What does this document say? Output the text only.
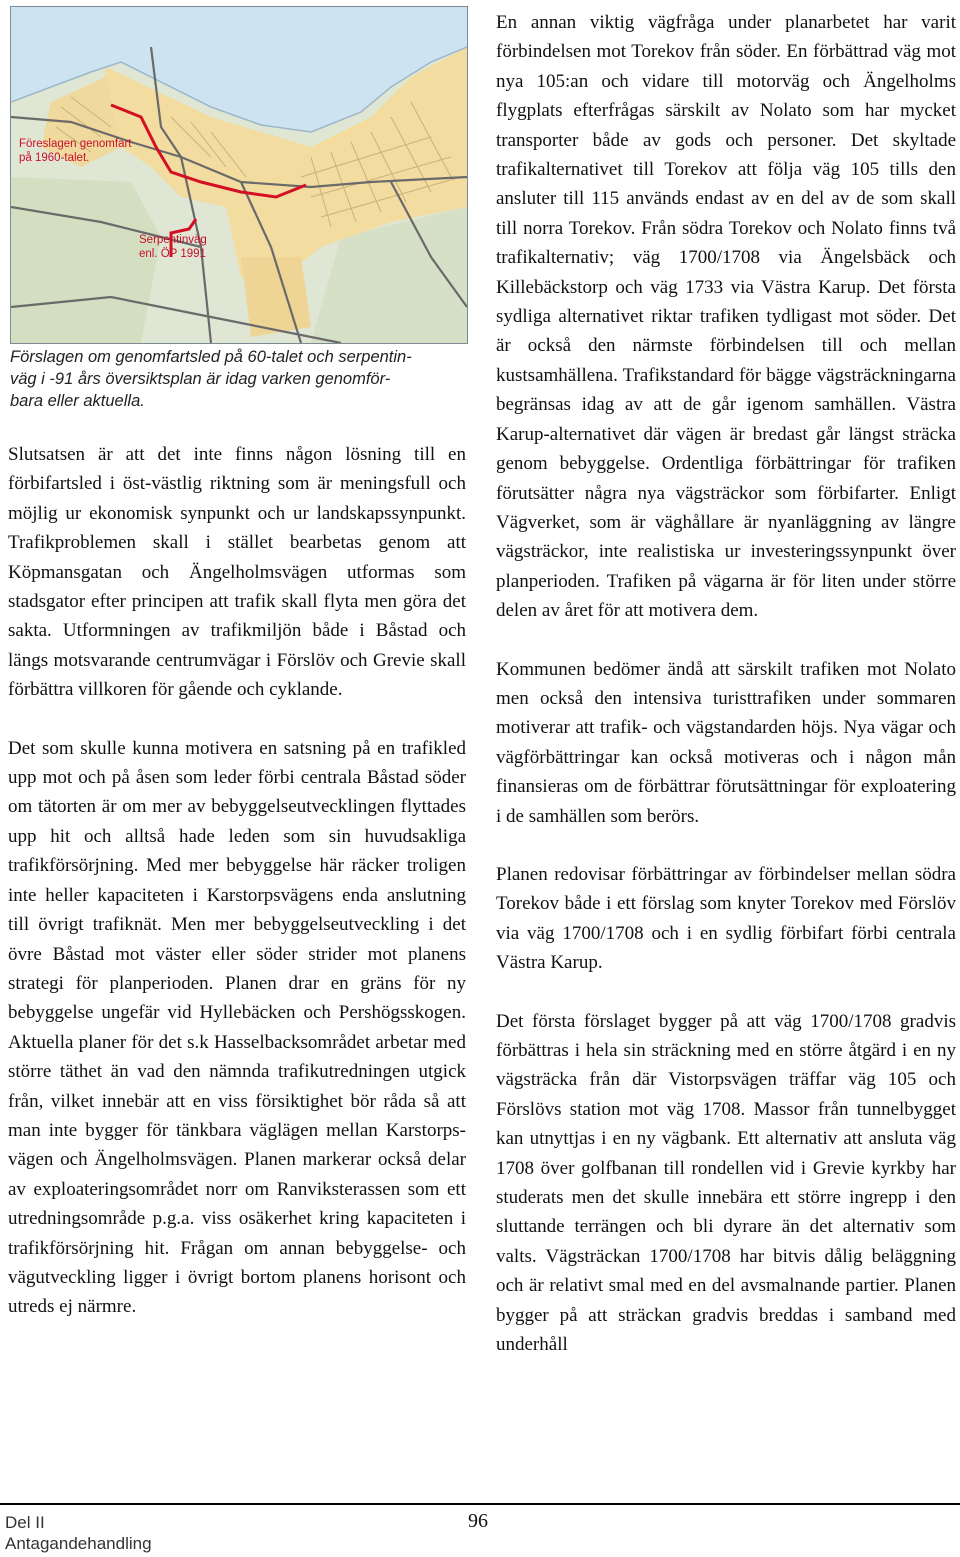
Föreslagen genomfart
på 1960-talet.
Serpentinväg
enl. ÖP 1991
Förslagen om genomfartsled på 60-talet och serpentin-
väg i -91 års översiktsplan är idag varken genomför-
bara eller aktuella.

Slutsatsen är att det inte finns någon lösning till en förbifartsled i öst-västlig riktning som är meningsfull och möjlig ur ekonomisk synpunkt och ur landskapssynpunkt. Trafikproblemen skall i stället bearbetas genom att Köpmansgatan och Ängelholmsvägen utformas som stadsgator efter principen att trafik skall flyta men göra det sakta. Utformningen av trafikmiljön både i Båstad och längs motsvarande centrumvägar i Förslöv och Grevie skall förbättra villkoren för gående och cyklande.

Det som skulle kunna motivera en satsning på en trafikled upp mot och på åsen som leder förbi centrala Båstad söder om tätorten är om mer av bebyggelseutvecklingen flyttades upp hit och alltså hade leden som sin huvudsakliga trafikförsörjning. Med mer bebyggelse här räcker troligen inte heller kapaciteten i Karstorpsvägens enda anslutning till övrigt trafiknät. Men mer bebyggelseutveckling i det övre Båstad mot väster eller söder strider mot planens strategi för planperioden. Planen drar en gräns för ny bebyggelse ungefär vid Hyllebäcken och Pershögsskogen. Aktuella planer för det s.k Hasselbacksområdet arbetar med större täthet än vad den nämnda trafikutredningen utgick från, vilket innebär att en viss försiktighet bör råda så att man inte bygger för tänkbara väglägen mellan Karstorpsvägen och Ängelholmsvägen. Planen markerar också delar av exploateringsområdet norr om Ranviksterassen som ett utredningsområde p.g.a. viss osäkerhet kring kapaciteten i trafikförsörjning hit. Frågan om annan bebyggelse- och vägutveckling ligger i övrigt bortom planens horisont och utreds ej närmre.

En annan viktig vägfråga under planarbetet har varit förbindelsen mot Torekov från söder. En förbättrad väg mot nya 105:an och vidare till motorväg och Ängelholms flygplats efterfrågas särskilt av Nolato som har mycket transporter både av gods och personer. Det skyltade trafikalternativet till Torekov att följa väg 105 tills den ansluter till 115 används endast av en del av de som skall till norra Torekov. Från södra Torekov och Nolato finns två trafikalternativ; väg 1700/1708 via Ängelsbäck och Killebäckstorp och väg 1733 via Västra Karup. Det första sydliga alternativet riktar trafiken tydligast mot söder. Det är också den närmste förbindelsen till och mellan kustsamhällena. Trafikstandard för bägge vägsträckningarna begränsas idag av att de går igenom samhällen. Västra Karup-alternativet där vägen är bredast går längst sträcka genom bebyggelse. Ordentliga förbättringar för trafiken förutsätter några nya vägsträckor som förbifarter. Enligt Vägverket, som är väghållare är nyanläggning av längre vägsträckor, inte realistiska ur investeringssynpunkt över planperioden. Trafiken på vägarna är för liten under större delen av året för att motivera dem.

Kommunen bedömer ändå att särskilt trafiken mot Nolato men också den intensiva turisttrafiken under sommaren motiverar att trafik- och vägstandarden höjs. Nya vägar och vägförbättringar kan också motiveras och i någon mån finansieras om de förbättrar förutsättningar för exploatering i de samhällen som berörs.

Planen redovisar förbättringar av förbindelser mellan södra Torekov både i ett förslag som knyter Torekov med Förslöv via väg 1700/1708 och i en sydlig förbifart förbi centrala Västra Karup.

Det första förslaget bygger på att väg 1700/1708 gradvis förbättras i hela sin sträckning med en större åtgärd i en ny vägsträcka från där Vistorpsvägen träffar väg 105 och Förslövs station mot väg 1708. Massor från tunnelbygget kan utnyttjas i en ny vägbank. Ett alternativ att ansluta väg 1708 över golfbanan till rondellen vid i Grevie kyrkby har studerats men det skulle innebära ett större ingrepp i den sluttande terrängen och bli dyrare än det alternativ som valts. Vägsträckan 1700/1708 har bitvis dålig beläggning och är relativt smal med en del avsmalnande partier. Planen bygger på att sträckan gradvis breddas i samband med underhåll

Del II
Antagandehandling
96
